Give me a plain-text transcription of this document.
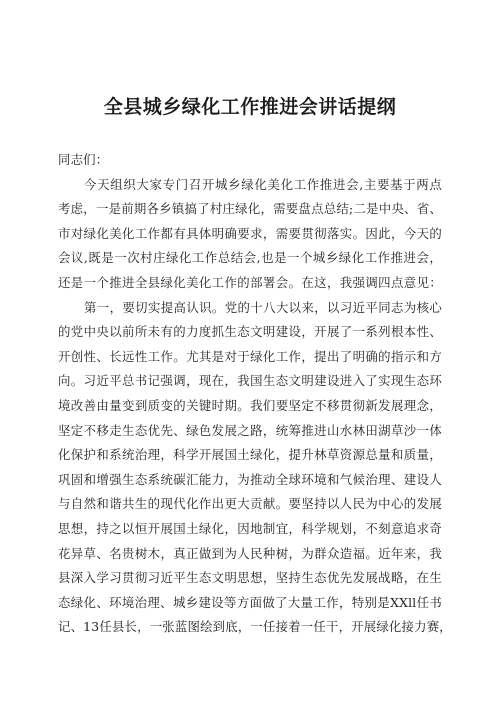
全县城乡绿化工作推进会讲话提纲
同志们：
今天组织大家专门召开城乡绿化美化工作推进会,主要基于两点
考虑，一是前期各乡镇搞了村庄绿化，需要盘点总结;二是中央、省、
市对绿化美化工作都有具体明确要求，需要贯彻落实。因此，今天的
会议,既是一次村庄绿化工作总结会,也是一个城乡绿化工作推进会，
还是一个推进全县绿化美化工作的部署会。在这，我强调四点意见：
第一，要切实提高认识。党的十八大以来，以习近平同志为核心
的党中央以前所未有的力度抓生态文明建设，开展了一系列根本性、
开创性、长远性工作。尤其是对于绿化工作，提出了明确的指示和方
向。习近平总书记强调，现在，我国生态文明建设进入了实现生态环
境改善由量变到质变的关键时期。我们要坚定不移贯彻新发展理念，
坚定不移走生态优先、绿色发展之路，统筹推进山水林田湖草沙一体
化保护和系统治理，科学开展国土绿化，提升林草资源总量和质量，
巩固和增强生态系统碳汇能力，为推动全球环境和气候治理、建设人
与自然和谐共生的现代化作出更大贡献。要坚持以人民为中心的发展
思想，持之以恒开展国土绿化，因地制宜，科学规划，不刻意追求奇
花异草、名贵树木，真正做到为人民种树，为群众造福。近年来，我
县深入学习贯彻习近平生态文明思想，坚持生态优先发展战略，在生
态绿化、环境治理、城乡建设等方面做了大量工作，特别是XXll任书
记、13任县长，一张蓝图绘到底，一任接着一任干，开展绿化接力赛，
